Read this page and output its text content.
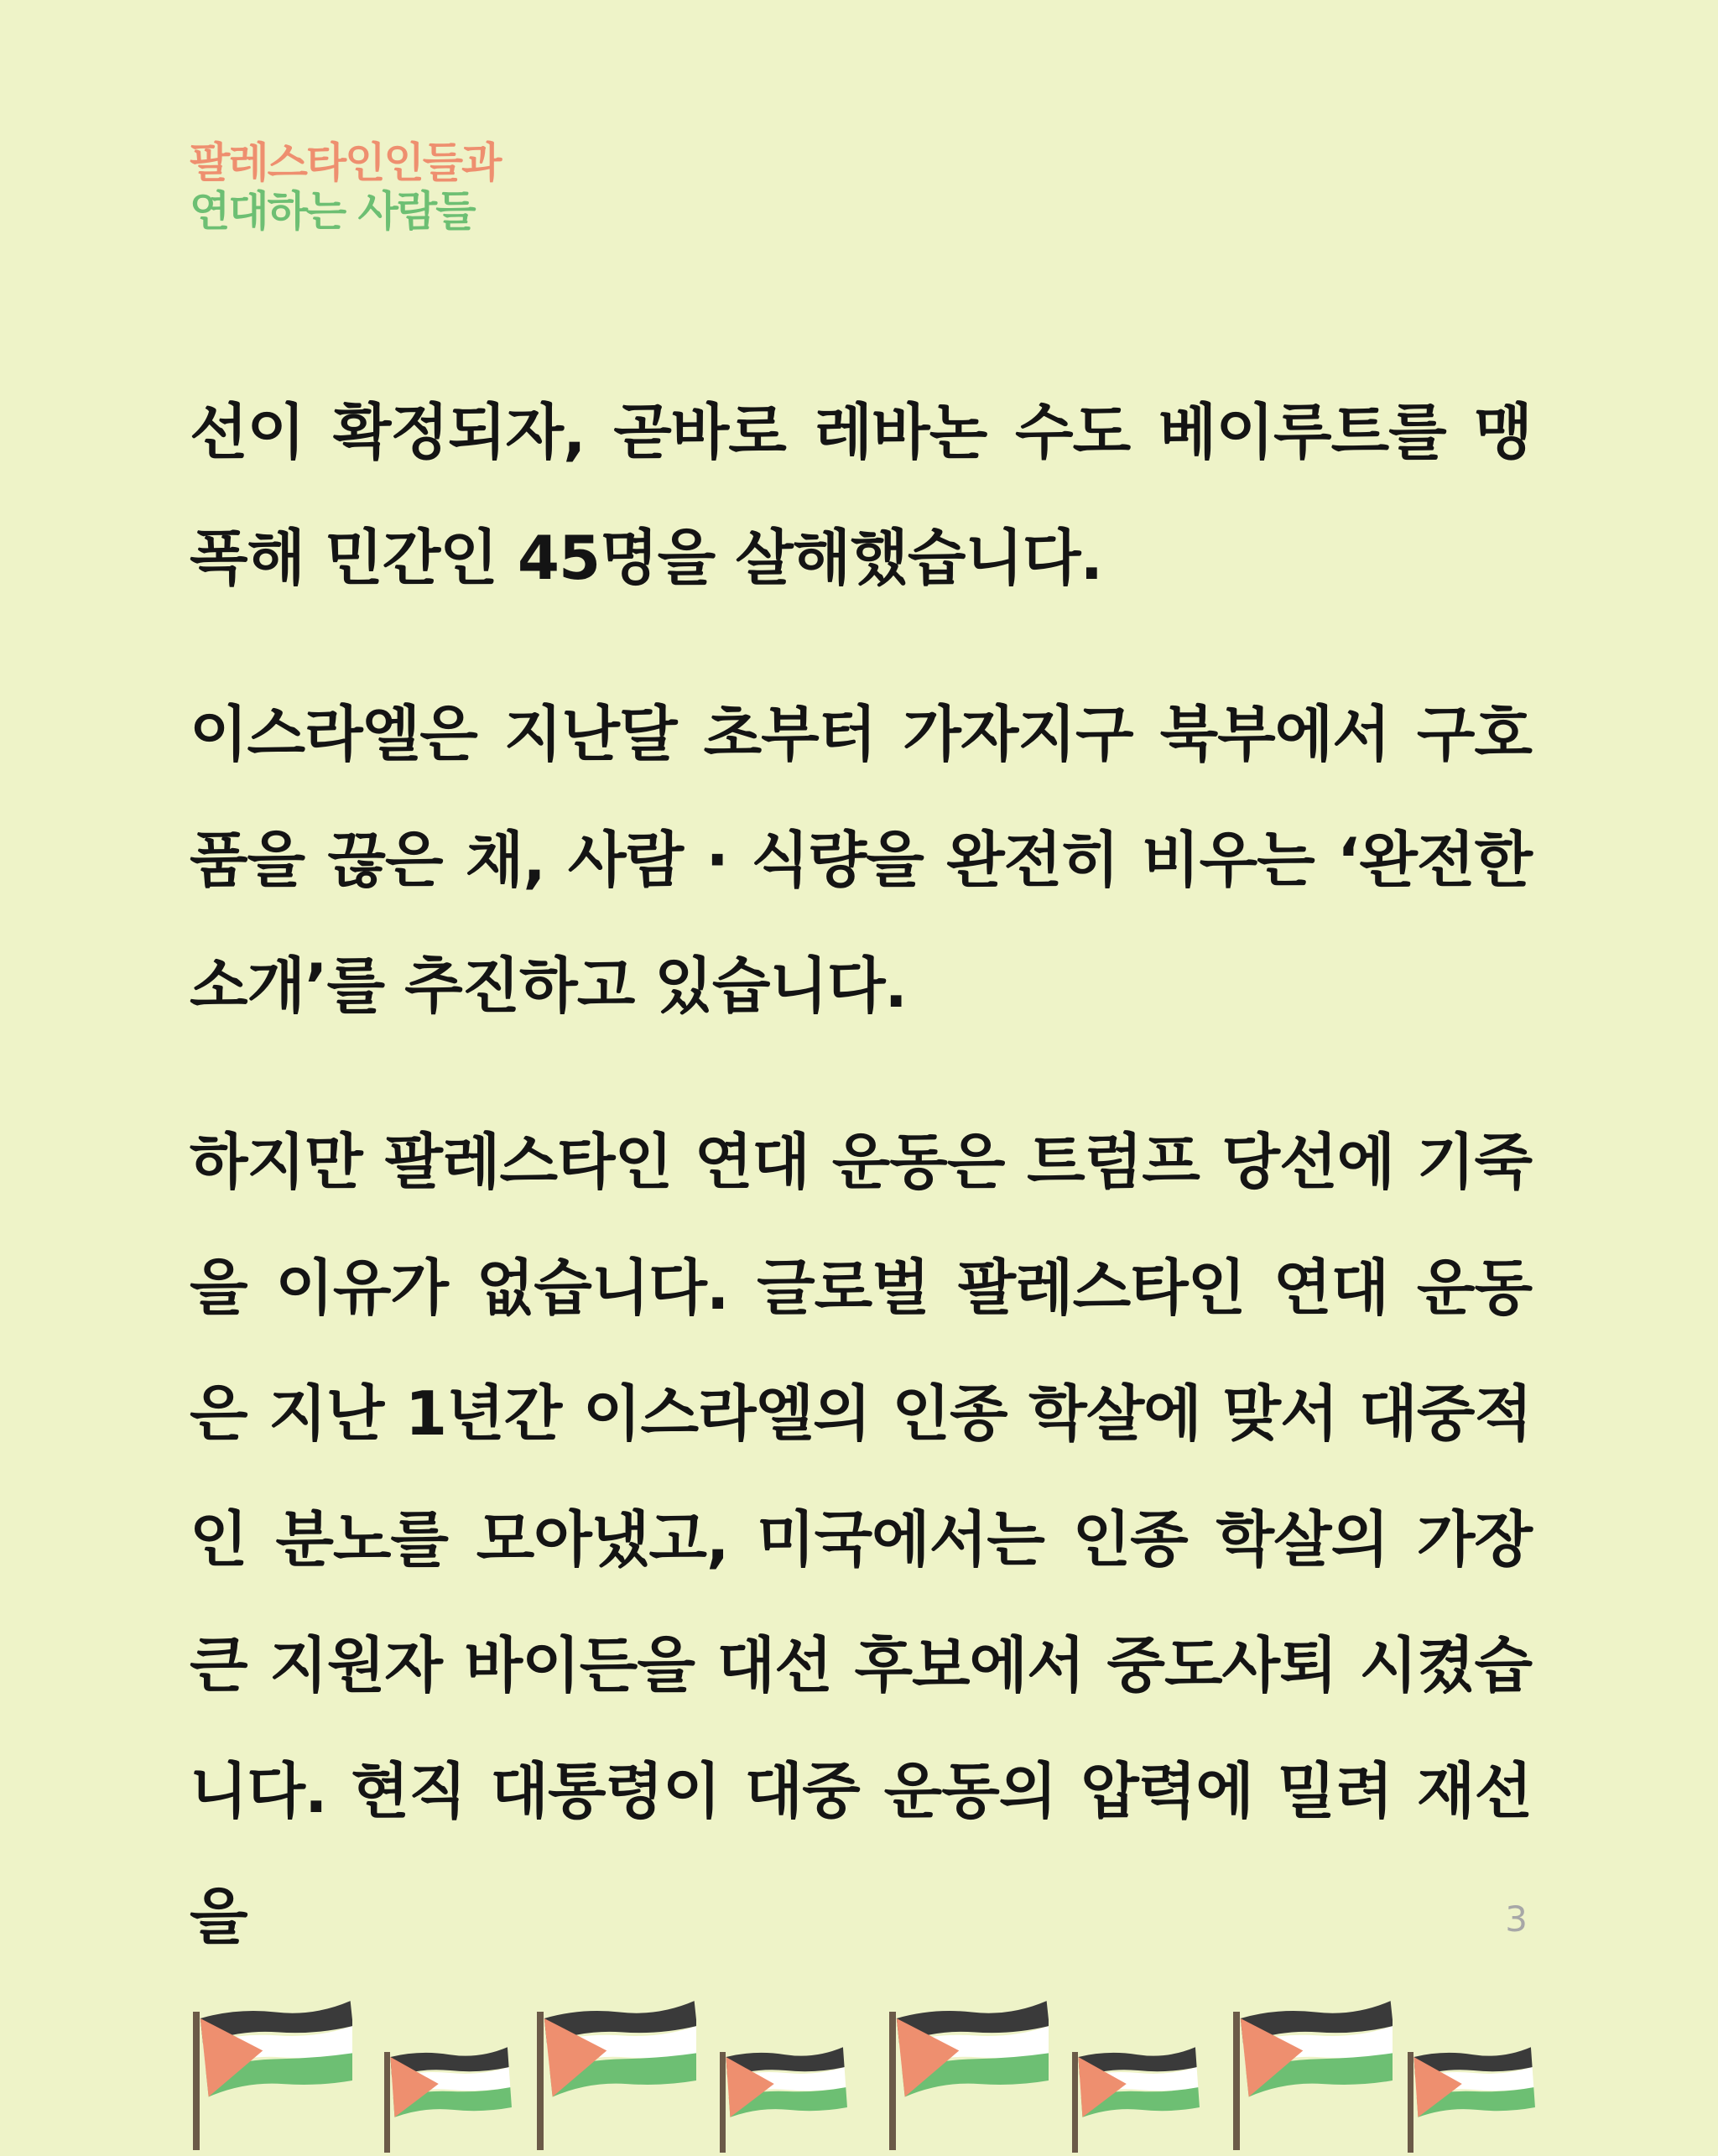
팔레스타인인들과
연대하는 사람들

선이 확정되자, 곧바로 레바논 수도 베이루트를 맹폭해 민간인 45명을 살해했습니다.

이스라엘은 지난달 초부터 가자지구 북부에서 구호품을 끊은 채, 사람 · 식량을 완전히 비우는 ‘완전한 소개’를 추진하고 있습니다.

하지만 팔레스타인 연대 운동은 트럼프 당선에 기죽을 이유가 없습니다. 글로벌 팔레스타인 연대 운동은 지난 1년간 이스라엘의 인종 학살에 맞서 대중적인 분노를 모아냈고, 미국에서는 인종 학살의 가장 큰 지원자 바이든을 대선 후보에서 중도사퇴 시켰습니다. 현직 대통령이 대중 운동의 압력에 밀려 재선을	3
